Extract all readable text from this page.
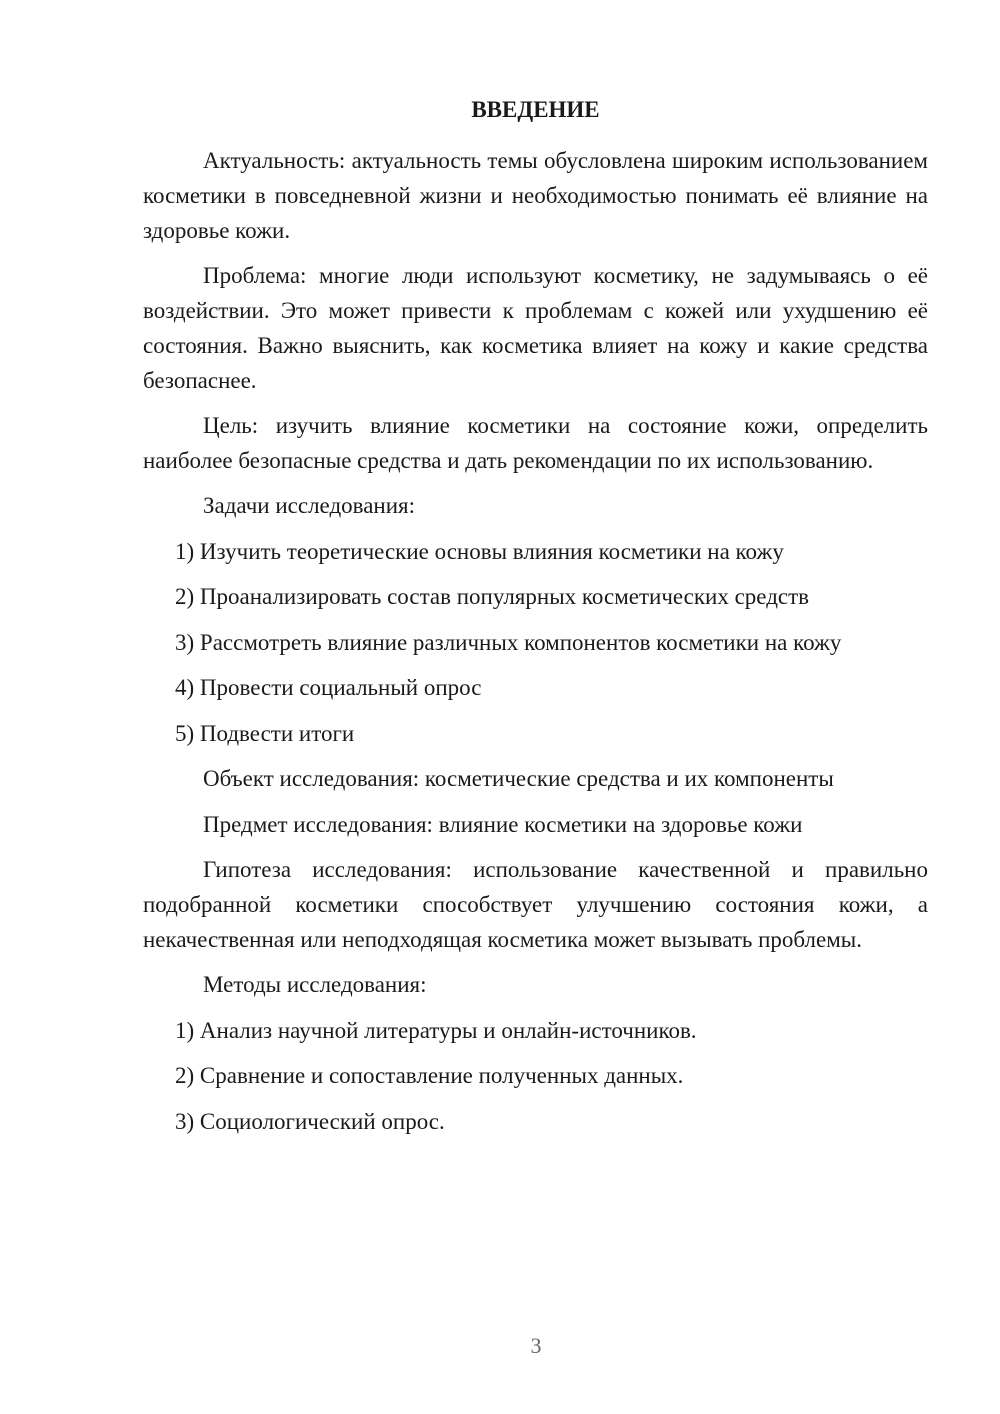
ВВЕДЕНИЕ

Актуальность: актуальность темы обусловлена широким использованием косметики в повседневной жизни и необходимостью понимать её влияние на здоровье кожи.

Проблема: многие люди используют косметику, не задумываясь о её воздействии. Это может привести к проблемам с кожей или ухудшению её состояния. Важно выяснить, как косметика влияет на кожу и какие средства безопаснее.

Цель: изучить влияние косметики на состояние кожи, определить наиболее безопасные средства и дать рекомендации по их использованию.

Задачи исследования:
1) Изучить теоретические основы влияния косметики на кожу
2) Проанализировать состав популярных косметических средств
3) Рассмотреть влияние различных компонентов косметики на кожу
4) Провести социальный опрос
5) Подвести итоги
Объект исследования: косметические средства и их компоненты
Предмет исследования: влияние косметики на здоровье кожи

Гипотеза исследования: использование качественной и правильно подобранной косметики способствует улучшению состояния кожи, а некачественная или неподходящая косметика может вызывать проблемы.

Методы исследования:
1) Анализ научной литературы и онлайн-источников.
2) Сравнение и сопоставление полученных данных.
3) Социологический опрос.
3
